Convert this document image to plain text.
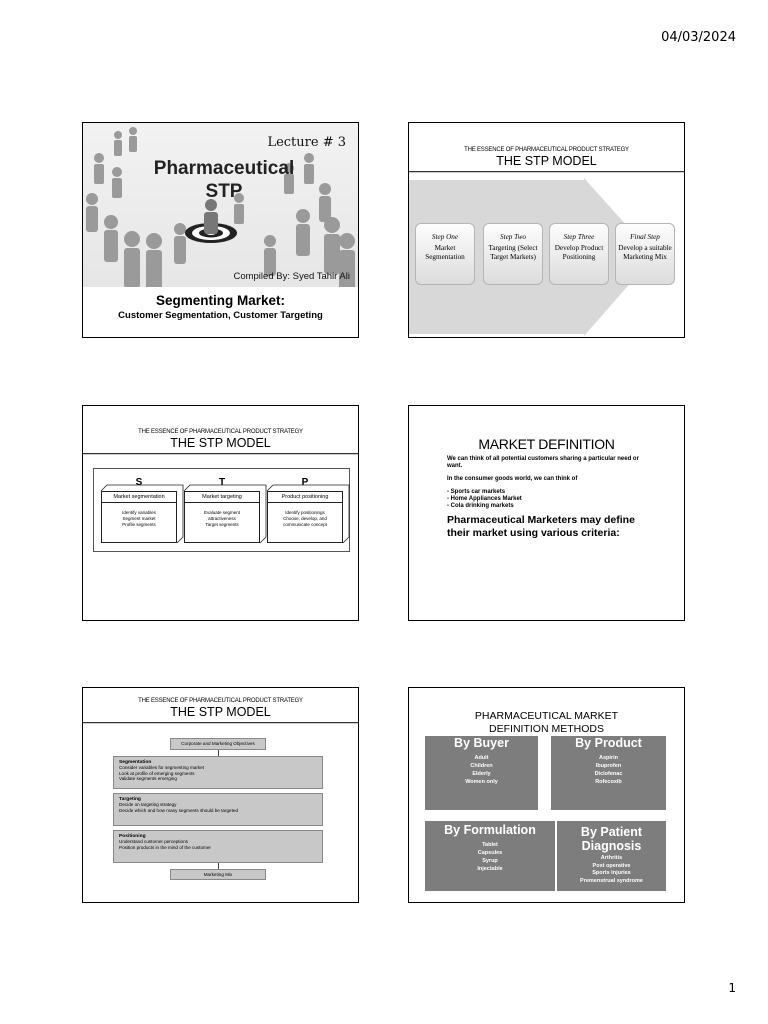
04/03/2024
Lecture # 3
Pharmaceutical
STP
Compiled By: Syed Tahir Ali
Segmenting Market:
Customer Segmentation, Customer Targeting
THE ESSENCE OF PHARMACEUTICAL PRODUCT STRATEGY
THE STP MODEL
Step One
Market Segmentation
Step Two
Targeting (Select Target Markets)
Step Three
Develop Product Positioning
Final Step
Develop a suitable Marketing Mix
THE ESSENCE OF PHARMACEUTICAL PRODUCT STRATEGY
THE STP MODEL
S	T	P
Market segmentation
Identify variables
Segment market
Profile segments
Market targeting
Evaluate segment
attractiveness
Target segments
Product positioning
Identify positionings
Choose, develop, and
communicate concept
MARKET DEFINITION

We can think of all potential customers sharing a particular need or want.

In the consumer goods world, we can think of

- Sports car markets
- Home Appliances Market
- Cola drinking markets
Pharmaceutical Marketers may define their market using various criteria:
THE ESSENCE OF PHARMACEUTICAL PRODUCT STRATEGY
THE STP MODEL
Corporate and Marketing Objectives
Segmentation
Consider variables for segmenting market
Look at profile of emerging segments
Validate segments emerging
Targeting
Decide on targeting strategy
Decide which and how many segments should be targeted
Positioning
Understand customer perceptions
Position products in the mind of the customer
Marketing Mix
PHARMACEUTICAL MARKET
DEFINITION METHODS
By Buyer
Adult
Children
Elderly
Women only
By Product
Aspirin
Ibuprofen
Diclofenac
Rofecoxib
By Formulation
Tablet
Capsules
Syrup
Injectable
By Patient Diagnosis
Arthritis
Post operative
Sports Injuries
Premenstrual syndrome
1
